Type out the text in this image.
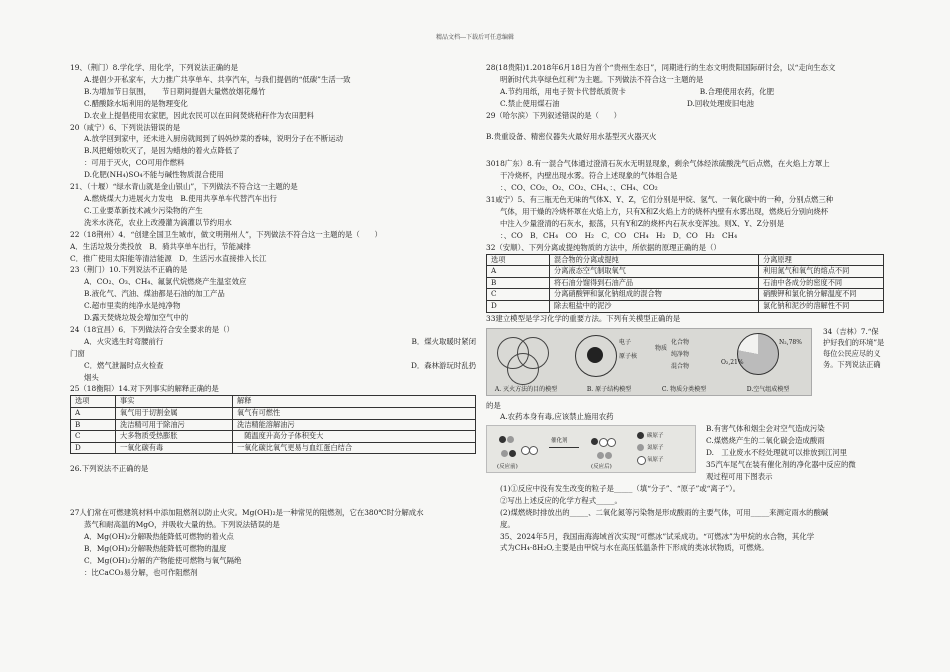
精品文档---下载后可任意编辑
19、（荆门）8.学化学、用化学，下列说法正确的是
A.提倡少开私家车，大力推广共享单车、共享汽车，与我们提倡的“低碳”生活一致
B.为增加节日氛围，　　节日期间提倡大量燃放烟花爆竹
C.醋酸除水垢利用的是物理变化
D.农业上提倡使用农家肥，因此农民可以在田间焚烧秸秆作为农田肥料
20（咸宁）6、下列说法错误的是
A.放学回到家中，还未进入厨房就闻到了妈妈炒菜的香味，说明分子在不断运动
B.风把蜡烛吹灭了，是因为蜡烛的着火点降低了
：可用于灭火，CO可用作燃料
D.化肥(NH₄)SO₄不能与碱性物质混合使用
21、（十堰）“绿水青山就是金山银山”，下列做法不符合这一主题的是
A.燃烧煤大力进展火力发电　B.使用共享单车代替汽车出行
C.工业要革新技术减少污染物的产生
洗米水浇花，农业上改漫灌为滴灌以节约用水
22（18荆州）4．“创建全国卫生城市，做文明荆州人”，下列做法不符合这一主题的是（　　）
A．生活垃圾分类投放　B．骑共享单车出行，节能减排
C．推广使用太阳能等清洁能源　D．生活污水直接排入长江
23（荆门）10.下列说法不正确的是
A．CO₂、O₃、CH₄、氟氯代烷燃烧产生温室效应
B.液化气、汽油、煤油都是石油的加工产品
C.超市里卖的纯净水是纯净物
D.露天焚烧垃圾会增加空气中的
24（18宜昌）6．下列做法符合安全要求的是（）
A．火灾逃生时弯腰前行	B．煤火取暖时紧闭
门窗
C．燃气泄漏时点火检查	D．森林游玩时乱扔
烟头
25（18衡阳）14.对下列事实的解释正确的是
选项	事实	解释
A	氧气用于切割金属	氧气有可燃性
B	洗洁精可用于除油污	洗洁精能溶解油污
C	大多物质受热膨胀	　随温度升高分子体积变大
D	一氧化碳有毒	一氧化碳比氧气更易与血红蛋白结合
26.下列说法不正确的是
27人们常在可燃建筑材料中添加阻燃剂以防止火灾。Mg(OH)₂是一种常见的阻燃剂，它在380℃时分解成水
蒸气和耐高温的MgO，并吸收大量的热。下列说法错误的是
A．Mg(OH)₂分解吸热能降低可燃物的着火点
B．Mg(OH)₂分解吸热能降低可燃物的温度
C．Mg(OH)₂分解的产物能使可燃物与氧气隔绝
：比CaCO₃易分解，也可作阻燃剂
28(18贵阳)1.2018年6月18日为首个“贵州生态日”，同期进行的生态文明贵阳国际研讨会，以“走向生态文
明新时代共享绿色红利”为主题。下列做法不符合这一主题的是
A.节约用纸，用电子贺卡代替纸质贺卡	B.合理使用农药，化肥
C.禁止使用煤石油	D.回收处理废旧电池
29（哈尔滨）下列叙述错误的是（　　）
B.贵重设备、精密仪器失火最好用水基型灭火器灭火
3018广东）8.有一混合气体通过澄清石灰水无明显现象，剩余气体经浓硫酸洗气后点燃，在火焰上方罩上
干冷烧杯，内壁出现水雾。符合上述现象的气体组合是
：、CO、CO₂、O₂、CO₂、CH₄、：、CH₄、CO₂
31咸宁）5、有三瓶无色无味的气体X、Y、Z，它们分别是甲烷、氢气、一氧化碳中的一种，分别点燃三种
气体，用干燥的冷烧杯罩在火焰上方，只有X和Z火焰上方的烧杯内壁有水雾出现，燃烧后分别向烧杯
中注入少量澄清的石灰水，振荡，只有Y和Z的烧杯内石灰水变浑浊。则X、Y、Z分别是
：、CO　B．CH₄　CO　H₂　C．CO　CH₄　H₂　D．CO　H₂　CH₄
32（安顺）、下列分离或提纯物质的方法中，所依据的原理正确的是（）
选项	混合物的分离或提纯	分离原理
A	分离液态空气制取氧气	利用氮气和氧气的熔点不同
B	将石油分馏得到石油产品	石油中各成分的密度不同
C	分离硝酸钾和氯化钠组成的混合物	硝酸钾和氯化钠分解温度不同
D	除去粗盐中的泥沙	氯化钠和泥沙的溶解性不同
33建立模型是学习化学的重要方法。下列有关模型正确的是
A. 灭火方法的目的模型
电子
原子核
B. 原子结构模型
化合物
纯净物
物质
混合物
C. 物质分类模型
N₂,78%
O₂,21%
D.空气组成模型
34（吉林）7.“保护好我们的环境”是每位公民应尽的义务。下列说法正确
的是
A.农药本身有毒,应该禁止施用农药
(反应前)
催化剂
(反应后)
碳原子
氮原子
氧原子
B.有害气体和烟尘会对空气造成污染
C.煤燃烧产生的二氧化碳会造成酸雨
D.　工业废水不经处理就可以排放到江河里
35汽车尾气在装有催化剂的净化器中反应的微
观过程可用下图表示
(1)①反应中没有发生改变的粒子是_____（填“分子”、“原子”或“离子”）。
②写出上述反应的化学方程式_____。
(2)煤燃烧时排放出的_____、二氧化氮等污染物是形成酸雨的主要气体，可用_____来测定雨水的酸碱
度。
35、2024年5月，我国南海海域首次实现“可燃冰”试采成功。“可燃冰”为甲烷的水合物，其化学
式为CH₄·8H₂O,主要是由甲烷与水在高压低温条件下形成的类冰状物质，可燃烧。
